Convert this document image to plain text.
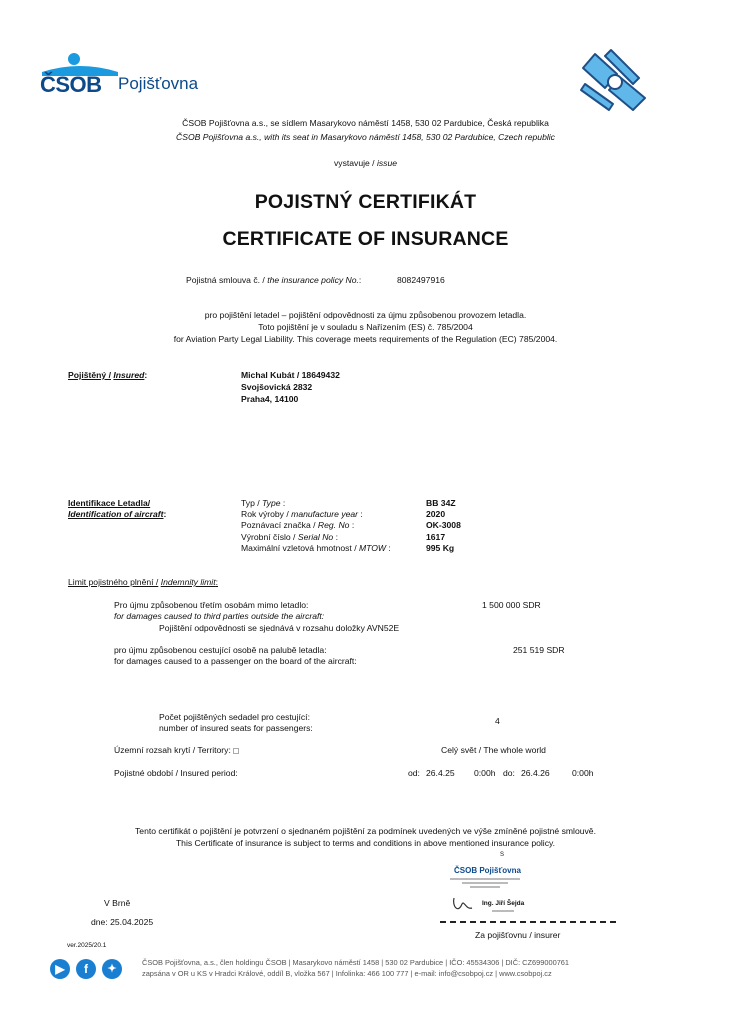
ČSOB Pojišťovna
ČSOB Pojišťovna a.s., se sídlem Masarykovo náměstí 1458, 530 02 Pardubice, Česká republika
ČSOB Pojišťovna a.s., with its seat in Masarykovo náměstí 1458, 530 02 Pardubice, Czech republic
vystavuje / issue
POJISTNÝ CERTIFIKÁT
CERTIFICATE OF INSURANCE
Pojistná smlouva č. / the insurance policy No.:	8082497916
pro pojištění letadel – pojištění odpovědnosti za újmu způsobenou provozem letadla.
Toto pojištění je v souladu s Nařízením (ES) č. 785/2004
for Aviation Party Legal Liability. This coverage meets requirements of the Regulation (EC) 785/2004.
Pojištěný / Insured:	Michal Kubát / 18649432
Svojšovická 2832
Praha4, 14100
Identifikace Letadla/
Identification of aircraft:
Typ / Type :	BB 34Z
Rok výroby / manufacture year :	2020
Poznávací značka / Reg. No :	OK-3008
Výrobní číslo / Serial No :	1617
Maximální vzletová hmotnost / MTOW :	995 Kg
Limit pojistného plnění / Indemnity limit:
Pro újmu způsobenou třetím osobám mimo letadlo:
for damages caused to third parties outside the aircraft:
1 500 000 SDR
Pojištění odpovědnosti se sjednává v rozsahu doložky AVN52E
pro újmu způsobenou cestující osobě na palubě letadla:
for damages caused to a passenger on the board of the aircraft:
251 519 SDR
Počet pojištěných sedadel pro cestující:
number of insured seats for passengers:
4
Územní rozsah krytí / Territory:	Celý svět / The whole world
Pojistné období / Insured period:	od: 26.4.25 0:00h do: 26.4.26	0:00h
Tento certifikát o pojištění je potvrzení o sjednaném pojištění za podmínek uvedených ve výše zmíněné pojistné smlouvě.
This Certificate of insurance is subject to terms and conditions in above mentioned insurance policy.
S
ČSOB Pojišťovna
Ing. Jiří Šejda
Za pojišťovnu / insurer
V Brně
dne: 25.04.2025
ver.2025/20.1
▶	f	✦
ČSOB Pojišťovna, a.s., člen holdingu ČSOB | Masarykovo náměstí 1458 | 530 02 Pardubice | IČO: 45534306 | DIČ: CZ699000761
zapsána v OR u KS v Hradci Králové, oddíl B, vložka 567 | Infolinka: 466 100 777 | e-mail: info@csobpoj.cz | www.csobpoj.cz
